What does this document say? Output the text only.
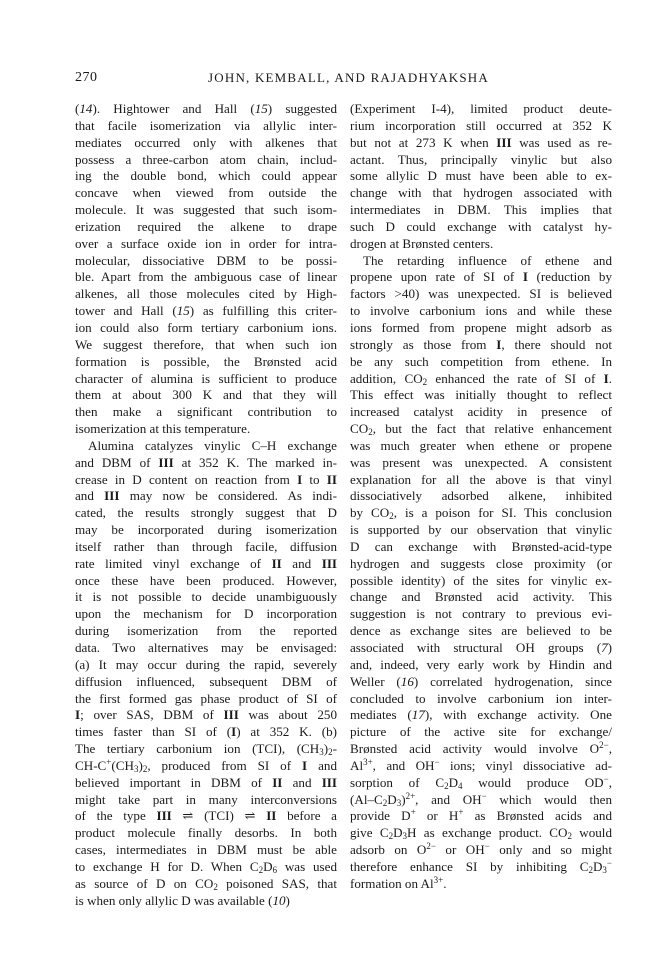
270	JOHN, KEMBALL, AND RAJADHYAKSHA
(14). Hightower and Hall (15) suggested
that facile isomerization via allylic inter-
mediates occurred only with alkenes that
possess a three-carbon atom chain, includ-
ing the double bond, which could appear
concave when viewed from outside the
molecule. It was suggested that such isom-
erization required the alkene to drape
over a surface oxide ion in order for intra-
molecular, dissociative DBM to be possi-
ble. Apart from the ambiguous case of linear
alkenes, all those molecules cited by High-
tower and Hall (15) as fulfilling this criter-
ion could also form tertiary carbonium ions.
We suggest therefore, that when such ion
formation is possible, the Brønsted acid
character of alumina is sufficient to produce
them at about 300 K and that they will
then make a significant contribution to
isomerization at this temperature.
Alumina catalyzes vinylic C–H exchange
and DBM of III at 352 K. The marked in-
crease in D content on reaction from I to II
and III may now be considered. As indi-
cated, the results strongly suggest that D
may be incorporated during isomerization
itself rather than through facile, diffusion
rate limited vinyl exchange of II and III
once these have been produced. However,
it is not possible to decide unambiguously
upon the mechanism for D incorporation
during isomerization from the reported
data. Two alternatives may be envisaged:
(a) It may occur during the rapid, severely
diffusion influenced, subsequent DBM of
the first formed gas phase product of SI of
I; over SAS, DBM of III was about 250
times faster than SI of (I) at 352 K. (b)
The tertiary carbonium ion (TCI), $(CH_3)_2-$
$CH-C^+(CH_3)_2$, produced from SI of I and
believed important in DBM of II and III
might take part in many interconversions
of the type III ⇌ (TCI) ⇌ II before a
product molecule finally desorbs. In both
cases, intermediates in DBM must be able
to exchange H for D. When $C_2D_6$ was used
as source of D on $CO_2$ poisoned SAS, that
is when only allylic D was available (10)
(Experiment I-4), limited product deute-
rium incorporation still occurred at 352 K
but not at 273 K when III was used as re-
actant. Thus, principally vinylic but also
some allylic D must have been able to ex-
change with that hydrogen associated with
intermediates in DBM. This implies that
such D could exchange with catalyst hy-
drogen at Brønsted centers.
The retarding influence of ethene and
propene upon rate of SI of I (reduction by
factors >40) was unexpected. SI is believed
to involve carbonium ions and while these
ions formed from propene might adsorb as
strongly as those from I, there should not
be any such competition from ethene. In
addition, $CO_2$ enhanced the rate of SI of I.
This effect was initially thought to reflect
increased catalyst acidity in presence of
$CO_2$, but the fact that relative enhancement
was much greater when ethene or propene
was present was unexpected. A consistent
explanation for all the above is that vinyl
dissociatively adsorbed alkene, inhibited
by $CO_2$, is a poison for SI. This conclusion
is supported by our observation that vinylic
D can exchange with Brønsted-acid-type
hydrogen and suggests close proximity (or
possible identity) of the sites for vinylic ex-
change and Brønsted acid activity. This
suggestion is not contrary to previous evi-
dence as exchange sites are believed to be
associated with structural OH groups (7)
and, indeed, very early work by Hindin and
Weller (16) correlated hydrogenation, since
concluded to involve carbonium ion inter-
mediates (17), with exchange activity. One
picture of the active site for exchange/
Brønsted acid activity would involve $O^{2-}$,
$Al^{3+}$, and OH− ions; vinyl dissociative ad-
sorption of $C_2D_4$ would produce OD−,
$(Al-C_2D_3)^{2+}$, and OH− which would then
provide D+ or H+ as Brønsted acids and
give $C_2D_3H$ as exchange product. $CO_2$ would
adsorb on $O^{2-}$ or OH− only and so might
therefore enhance SI by inhibiting $C_2D_3^-$
formation on $Al^{3+}$.
